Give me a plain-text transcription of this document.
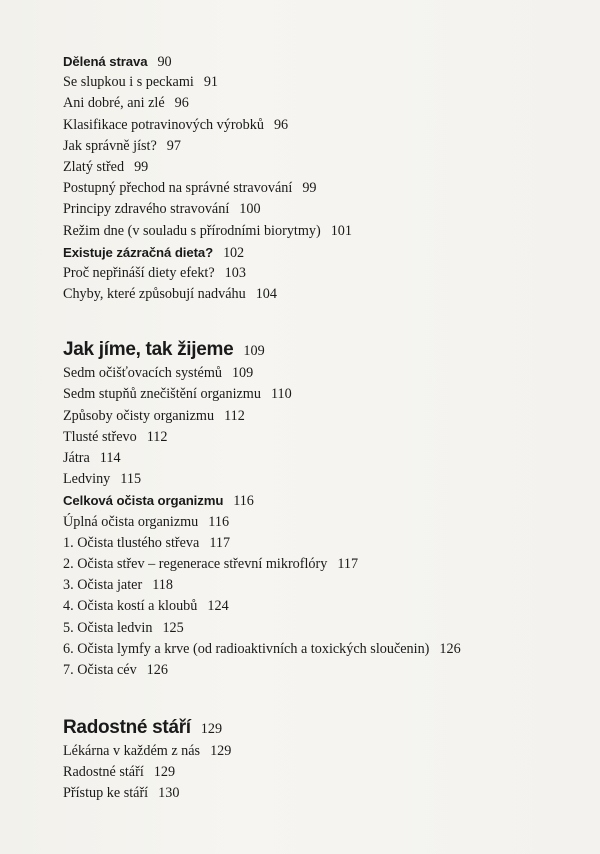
Dělená strava 90
Se slupkou i s peckami 91
Ani dobré, ani zlé 96
Klasifikace potravinových výrobků 96
Jak správně jíst? 97
Zlatý střed 99
Postupný přechod na správné stravování 99
Principy zdravého stravování 100
Režim dne (v souladu s přírodními biorytmy) 101
Existuje zázračná dieta? 102
Proč nepřináší diety efekt? 103
Chyby, které způsobují nadváhu 104
Jak jíme, tak žijeme 109
Sedm očišťovacích systémů 109
Sedm stupňů znečištění organizmu 110
Způsoby očisty organizmu 112
Tlusté střevo 112
Játra 114
Ledviny 115
Celková očista organizmu 116
Úplná očista organizmu 116
1. Očista tlustého střeva 117
2. Očista střev – regenerace střevní mikroflóry 117
3. Očista jater 118
4. Očista kostí a kloubů 124
5. Očista ledvin 125
6. Očista lymfy a krve (od radioaktivních a toxických sloučenin) 126
7. Očista cév 126
Radostné stáří 129
Lékárna v každém z nás 129
Radostné stáří 129
Přístup ke stáří 130
